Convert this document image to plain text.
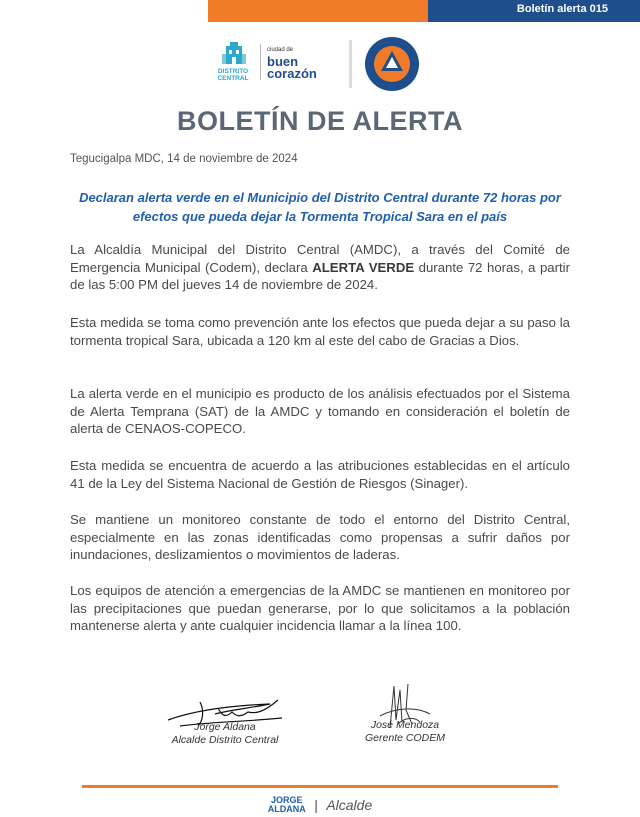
Boletín alerta 015
DISTRITO CENTRAL
ciudad de
buen
corazón
BOLETÍN DE ALERTA
Tegucigalpa MDC, 14 de noviembre de 2024
Declaran alerta verde en el Municipio del Distrito Central durante 72 horas por efectos que pueda dejar la Tormenta Tropical Sara en el país
La Alcaldía Municipal del Distrito Central (AMDC), a través del Comité de Emergencia Municipal (Codem), declara ALERTA VERDE durante 72 horas, a partir de las 5:00 PM del jueves 14 de noviembre de 2024.
Esta medida se toma como prevención ante los efectos que pueda dejar a su paso la tormenta tropical Sara, ubicada a 120 km al este del cabo de Gracias a Dios.
La alerta verde en el municipio es producto de los análisis efectuados por el Sistema de Alerta Temprana (SAT) de la AMDC y tomando en consideración el boletín de alerta de CENAOS-COPECO.
Esta medida se encuentra de acuerdo a las atribuciones establecidas en el artículo 41 de la Ley del Sistema Nacional de Gestión de Riesgos (Sinager).
Se mantiene un monitoreo constante de todo el entorno del Distrito Central, especialmente en las zonas identificadas como propensas a sufrir daños por inundaciones, deslizamientos o movimientos de laderas.
Los equipos de atención a emergencias de la AMDC se mantienen en monitoreo por las precipitaciones que puedan generarse, por lo que solicitamos a la población mantenerse alerta y ante cualquier incidencia llamar a la línea 100.
Jorge Aldana
Alcalde Distrito Central
José Mendoza
Gerente CODEM
JORGE
ALDANA | Alcalde
